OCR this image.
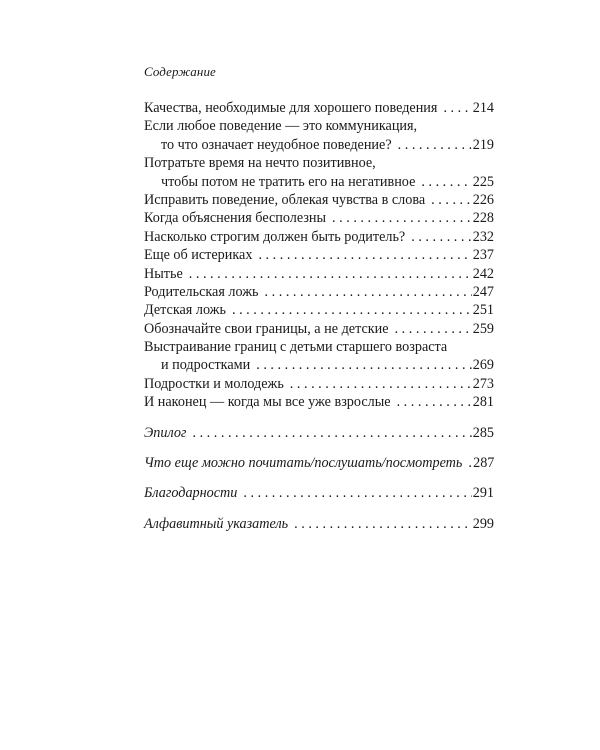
Содержание
Качества, необходимые для хорошего поведения . . . 214
Если любое поведение — это коммуникация,
то что означает неудобное поведение? . . .	219
Потратьте время на нечто позитивное,
чтобы потом не тратить его на негативное . . .	225
Исправить поведение, облекая чувства в слова . . .	226
Когда объяснения бесполезны . . .	228
Насколько строгим должен быть родитель? . . .	232
Еще об истериках . . .	237
Нытье . . .	242
Родительская ложь . . .	247
Детская ложь . . .	251
Обозначайте свои границы, а не детские . . .	259
Выстраивание границ с детьми старшего возраста
и подростками . . .	269
Подростки и молодежь . . .	273
И наконец — когда мы все уже взрослые . . .	281
Эпилог . . .	285
Что еще можно почитать/послушать/посмотреть . . . 287
Благодарности . . .	291
Алфавитный указатель . . .	299
